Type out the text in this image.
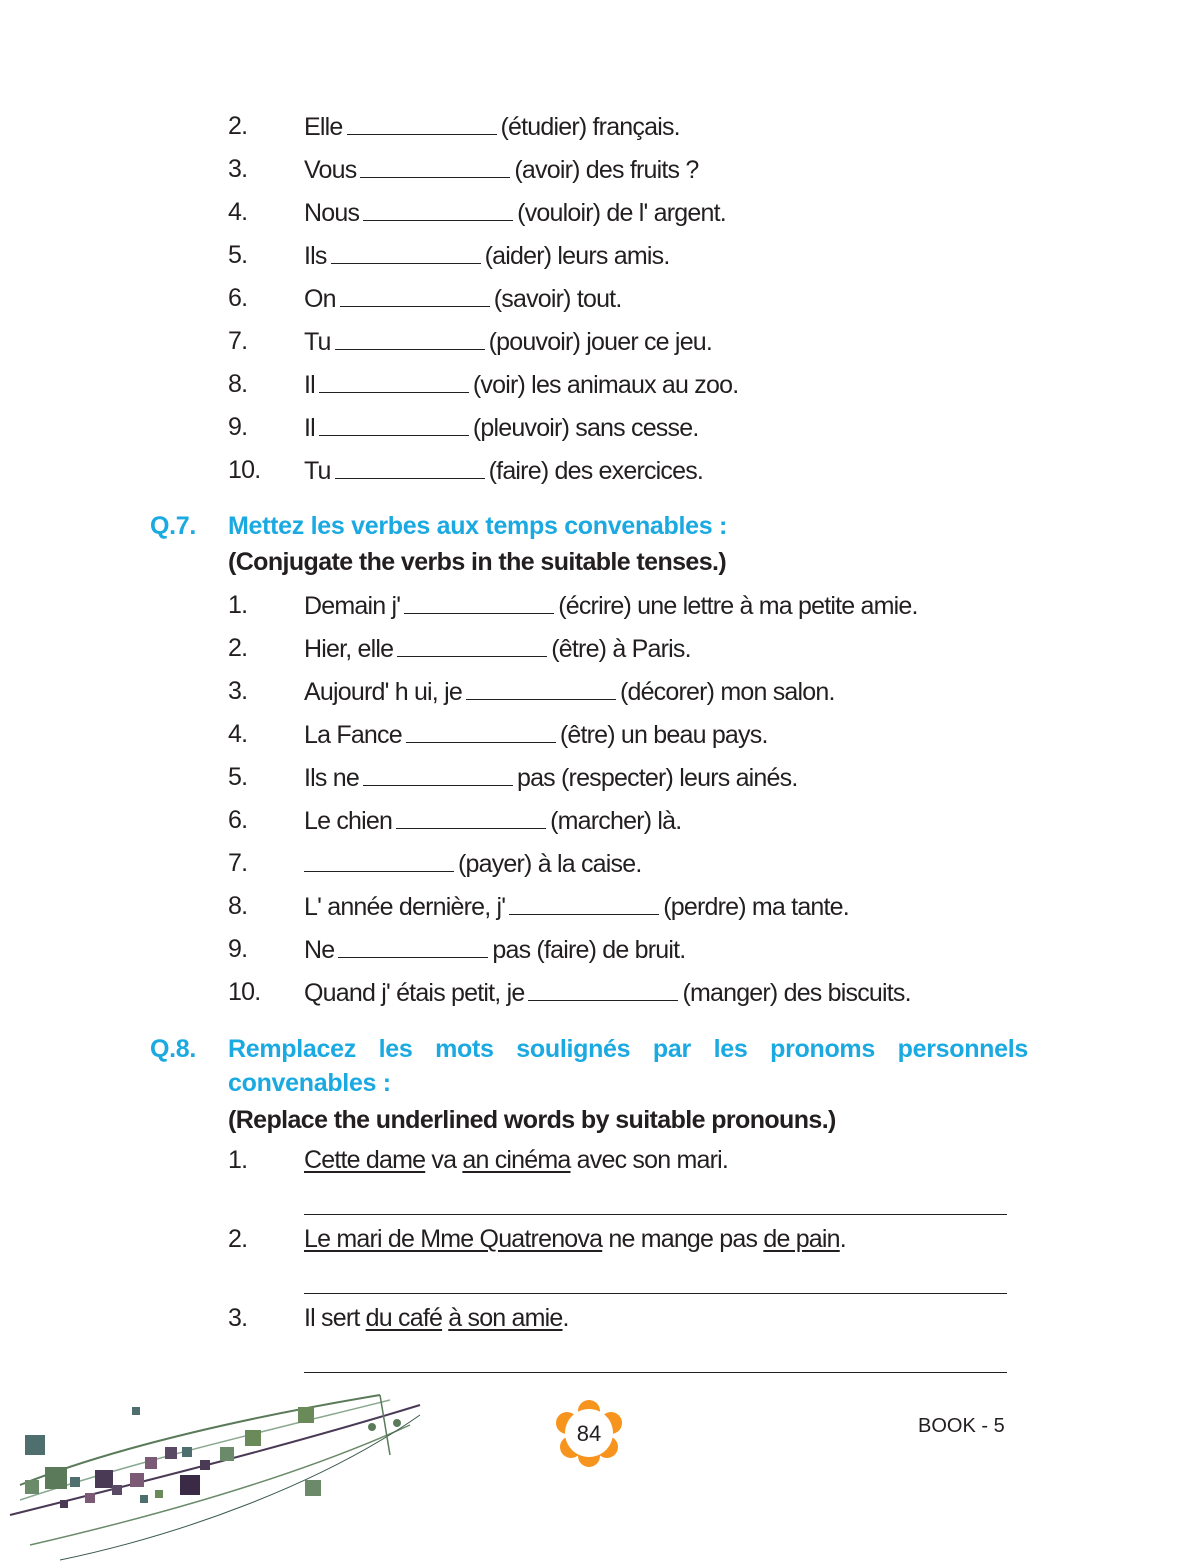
2. Elle	(étudier) français.
3. Vous	(avoir) des fruits ?
4. Nous	(vouloir) de l' argent.
5. Ils	(aider) leurs amis.
6. On	(savoir) tout.
7. Tu	(pouvoir) jouer ce jeu.
8. Il	(voir) les animaux au zoo.
9. Il	(pleuvoir) sans cesse.
10. Tu	(faire) des exercices.
Q.7. Mettez les verbes aux temps convenables :
(Conjugate the verbs in the suitable tenses.)
1. Demain j'	(écrire) une lettre à ma petite amie.
2. Hier, elle	(être) à Paris.
3. Aujourd' h ui, je	(décorer) mon salon.
4. La Fance	(être) un beau pays.
5. Ils ne	pas (respecter) leurs ainés.
6. Le chien	(marcher) là.
7.	(payer) à la caise.
8. L' année dernière, j'	(perdre) ma tante.
9. Ne	pas (faire) de bruit.
10. Quand j' étais petit, je	(manger) des biscuits.
Q.8. Remplacez les mots soulignés par les pronoms personnels
convenables :
(Replace the underlined words by suitable pronouns.)
1. Cette dame va an cinéma avec son mari.
2. Le mari de Mme Quatrenova ne mange pas de pain.
3. Il sert du café à son amie.
84	BOOK - 5
